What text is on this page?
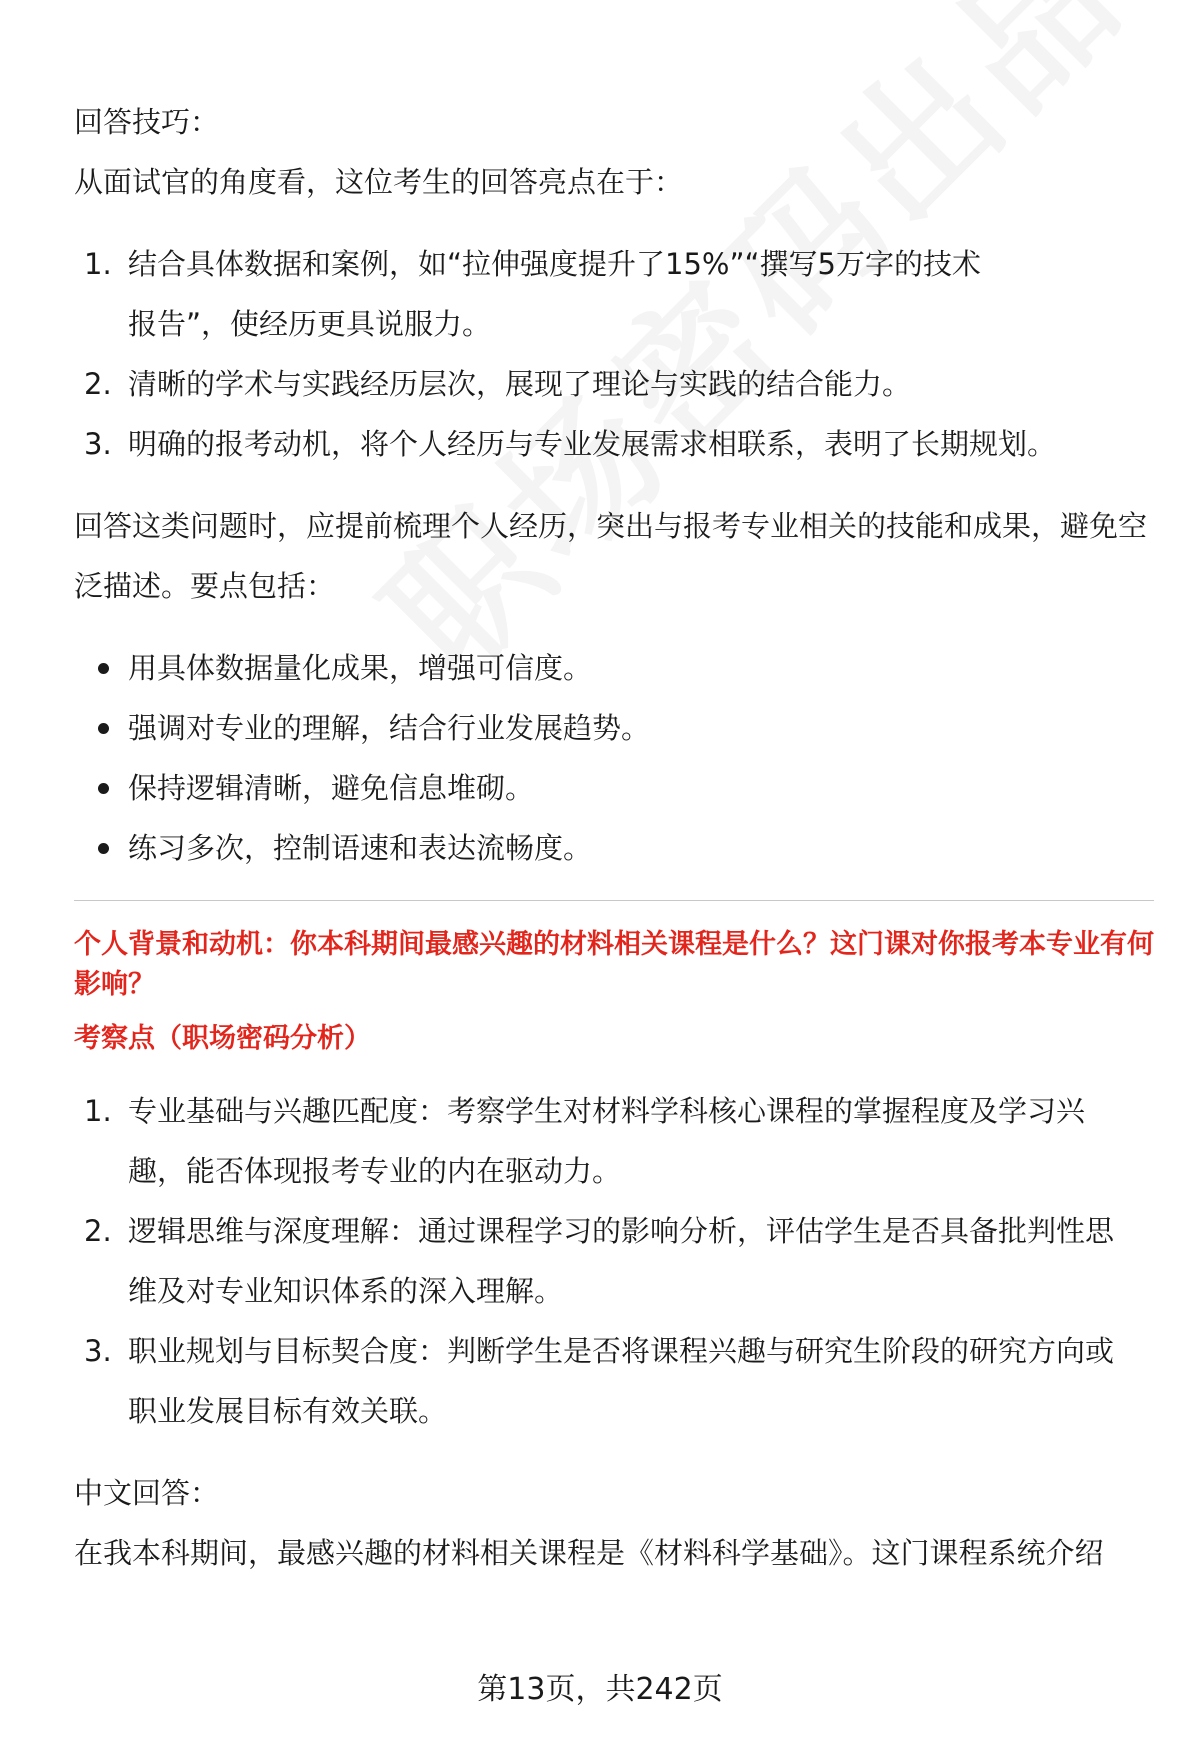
回答技巧：

从面试官的角度看，这位考生的回答亮点在于：

1. 结合具体数据和案例，如“拉伸强度提升了15%”“撰写5万字的技术报告”，使经历更具说服力。
2. 清晰的学术与实践经历层次，展现了理论与实践的结合能力。
3. 明确的报考动机，将个人经历与专业发展需求相联系，表明了长期规划。

回答这类问题时，应提前梳理个人经历，突出与报考专业相关的技能和成果，避免空泛描述。要点包括：

用具体数据量化成果，增强可信度。
强调对专业的理解，结合行业发展趋势。
保持逻辑清晰，避免信息堆砌。
练习多次，控制语速和表达流畅度。

个人背景和动机：你本科期间最感兴趣的材料相关课程是什么？这门课对你报考本专业有何影响？

考察点（职场密码分析）

1. 专业基础与兴趣匹配度：考察学生对材料学科核心课程的掌握程度及学习兴趣，能否体现报考专业的内在驱动力。
2. 逻辑思维与深度理解：通过课程学习的影响分析，评估学生是否具备批判性思维及对专业知识体系的深入理解。
3. 职业规划与目标契合度：判断学生是否将课程兴趣与研究生阶段的研究方向或职业发展目标有效关联。

中文回答：

在我本科期间，最感兴趣的材料相关课程是《材料科学基础》。这门课程系统介绍

第13页，共242页
